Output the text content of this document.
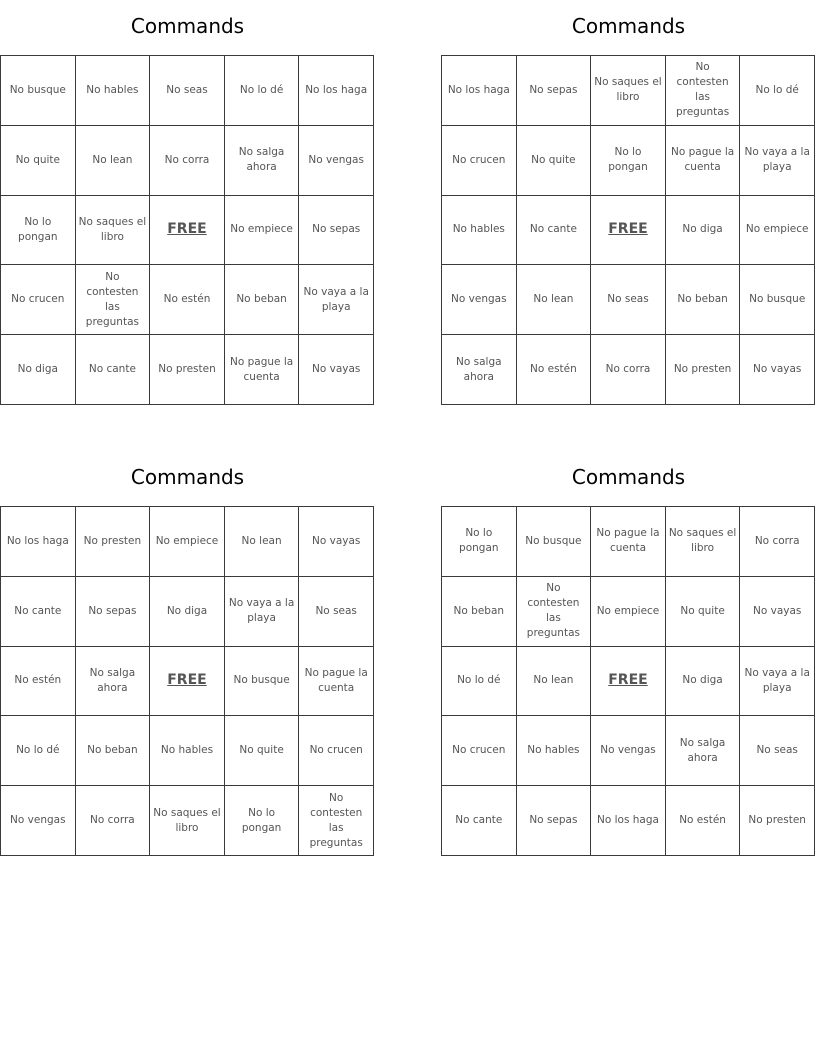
Commands
No busque	No hables	No seas	No lo dé	No los haga
No quite	No lean	No corra	No salga ahora	No vengas
No lo pongan	No saques el libro	FREE	No empiece	No sepas
No crucen	No contesten las preguntas	No estén	No beban	No vaya a la playa
No diga	No cante	No presten	No pague la cuenta	No vayas
Commands
No los haga	No sepas	No saques el libro	No contesten las preguntas	No lo dé
No crucen	No quite	No lo pongan	No pague la cuenta	No vaya a la playa
No hables	No cante	FREE	No diga	No empiece
No vengas	No lean	No seas	No beban	No busque
No salga ahora	No estén	No corra	No presten	No vayas
Commands
No los haga	No presten	No empiece	No lean	No vayas
No cante	No sepas	No diga	No vaya a la playa	No seas
No estén	No salga ahora	FREE	No busque	No pague la cuenta
No lo dé	No beban	No hables	No quite	No crucen
No vengas	No corra	No saques el libro	No lo pongan	No contesten las preguntas
Commands
No lo pongan	No busque	No pague la cuenta	No saques el libro	No corra
No beban	No contesten las preguntas	No empiece	No quite	No vayas
No lo dé	No lean	FREE	No diga	No vaya a la playa
No crucen	No hables	No vengas	No salga ahora	No seas
No cante	No sepas	No los haga	No estén	No presten
